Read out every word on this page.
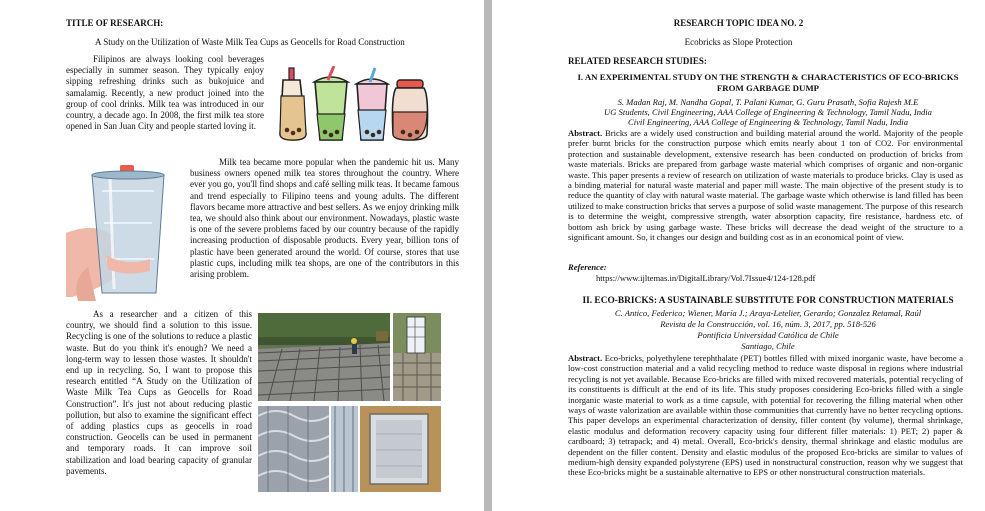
TITLE OF RESEARCH:
A Study on the Utilization of Waste Milk Tea Cups as Geocells for Road Construction
Filipinos are always looking cool beverages especially in summer season. They typically enjoy sipping refreshing drinks such as bukojuice and samalamig. Recently, a new product joined into the group of cool drinks. Milk tea was introduced in our country, a decade ago. In 2008, the first milk tea store opened in San Juan City and people started loving it.
Milk tea became more popular when the pandemic hit us. Many business owners opened milk tea stores throughout the country. Where ever you go, you'll find shops and café selling milk teas. It became famous and trend especially to Filipino teens and young adults. The different flavors became more attractive and best sellers. As we enjoy drinking milk tea, we should also think about our environment. Nowadays, plastic waste is one of the severe problems faced by our country because of the rapidly increasing production of disposable products. Every year, billion tons of plastic have been generated around the world. Of course, stores that use plastic cups, including milk tea shops, are one of the contributors in this arising problem.
As a researcher and a citizen of this country, we should find a solution to this issue. Recycling is one of the solutions to reduce a plastic waste. But do you think it's enough? We need a long-term way to lessen those wastes. It shouldn't end up in recycling. So, I want to propose this research entitled “A Study on the Utilization of Waste Milk Tea Cups as Geocells for Road Construction”. It's just not about reducing plastic pollution, but also to examine the significant effect of adding plastics cups as geocells in road construction. Geocells can be used in permanent and temporary roads. It can improve soil stabilization and load bearing capacity of granular pavements.
RESEARCH TOPIC IDEA NO. 2
Ecobricks as Slope Protection
RELATED RESEARCH STUDIES:
I. AN EXPERIMENTAL STUDY ON THE STRENGTH & CHARACTERISTICS OF ECO-BRICKS FROM GARBAGE DUMP
S. Madan Raj, M. Nandha Gopal, T. Palani Kumar, G. Guru Prasath, Sofia Rajesh M.E
UG Students, Civil Engineering, AAA College of Engineering & Technology, Tamil Nadu, India
Civil Engineering, AAA College of Engineering & Technology, Tamil Nadu, India
Abstract. Bricks are a widely used construction and building material around the world. Majority of the people prefer burnt bricks for the construction purpose which emits nearly about 1 ton of CO2. For environmental protection and sustainable development, extensive research has been conducted on production of bricks from waste materials. Bricks are prepared from garbage waste material which comprises of organic and non-organic waste. This paper presents a review of research on utilization of waste materials to produce bricks. Clay is used as a binding material for natural waste material and paper mill waste. The main objective of the present study is to reduce the quantity of clay with natural waste material. The garbage waste which otherwise is land filled has been utilized to make construction bricks that serves a purpose of solid waste management. The purpose of this research is to determine the weight, compressive strength, water absorption capacity, fire resistance, hardness etc. of bottom ash brick by using garbage waste. These bricks will decrease the dead weight of the structure to a significant amount. So, it changes our design and building cost as in an economical point of view.
Reference:
https://www.ijltemas.in/DigitalLibrary/Vol.7Issue4/124-128.pdf
II. ECO-BRICKS: A SUSTAINABLE SUBSTITUTE FOR CONSTRUCTION MATERIALS
C. Antico, Federico; Wiener, María J.; Araya-Letelier, Gerardo; Gonzalez Retamal, Raúl
Revista de la Construcción, vol. 16, núm. 3, 2017, pp. 518-526
Pontificia Universidad Católica de Chile
Santiago, Chile
Abstract. Eco-bricks, polyethylene terephthalate (PET) bottles filled with mixed inorganic waste, have become a low-cost construction material and a valid recycling method to reduce waste disposal in regions where industrial recycling is not yet available. Because Eco-bricks are filled with mixed recovered materials, potential recycling of its constituents is difficult at the end of its life. This study proposes considering Eco-bricks filled with a single inorganic waste material to work as a time capsule, with potential for recovering the filling material when other ways of waste valorization are available within those communities that currently have no better recycling options. This paper develops an experimental characterization of density, filler content (by volume), thermal shrinkage, elastic modulus and deformation recovery capacity using four different filler materials: 1) PET; 2) paper & cardboard; 3) tetrapack; and 4) metal. Overall, Eco-brick's density, thermal shrinkage and elastic modulus are dependent on the filler content. Density and elastic modulus of the proposed Eco-bricks are similar to values of medium-high density expanded polystyrene (EPS) used in nonstructural construction, reason why we suggest that these Eco-bricks might be a sustainable alternative to EPS or other nonstructural construction materials.
